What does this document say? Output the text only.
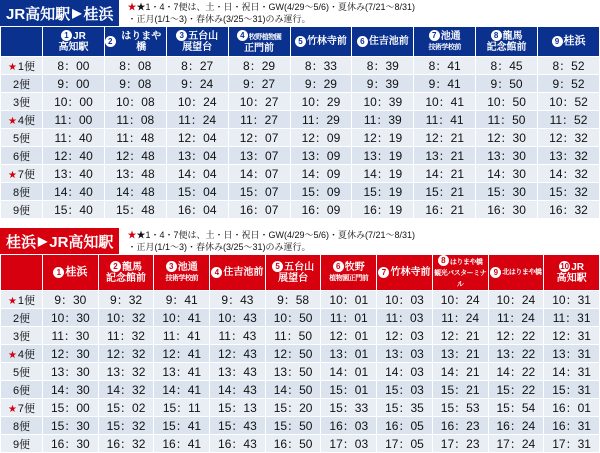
JR高知駅 ▶ 桂浜 ★★1・4・7便は、土・日・祝日・GW(4/29～5/6)・夏休み(7/21～8/31)
・正月(1/1～3)・春休み(3/25～31)のみ運行。

	1 JR
高知駅	2 はりまや橋	3 五台山
展望台	4 牧野植物園
正門前	5 竹林寺前	6 住吉池前	7 池通
技術学校前	8 龍馬
記念館前	9 桂浜

★1便	8：00	8：08	8：27	8：29	8：33	8：39	8：41	8：45	8：52
2便	9：00	9：08	9：24	9：27	9：29	9：39	9：41	9：50	9：52
3便	10：00	10：08	10：24	10：27	10：29	10：39	10：41	10：50	10：52
★4便	11：00	11：08	11：24	11：27	11：29	11：39	11：41	11：50	11：52
5便	11：40	11：48	12：04	12：07	12：09	12：19	12：21	12：30	12：32
6便	12：40	12：48	13：04	13：07	13：09	13：19	13：21	13：30	13：32
★7便	13：40	13：48	14：04	14：07	14：09	14：19	14：21	14：30	14：32
8便	14：40	14：48	15：04	15：07	15：09	15：19	15：21	15：30	15：32
9便	15：40	15：48	16：04	16：07	16：09	16：19	16：21	16：30	16：32
桂浜 ▶ JR高知駅 ★★1・4・7便は、土・日・祝日・GW(4/29～5/6)・夏休み(7/21～8/31)
・正月(1/1～3)・春休み(3/25～31)のみ運行。

	1 桂浜	2 龍馬
記念館前	3 池通
技術学校前	4 住吉池前	5 五台山
展望台	6 牧野
植物園正門前	7 竹林寺前	8 はりまや橋
観光バスターミナル	9 北はりまや橋	10 JR
高知駅

★1便	9：30	9：32	9：41	9：43	9：58	10：01	10：03	10：24	10：24	10：31
2便	10：30	10：32	10：41	10：43	10：50	11：01	11：03	11：24	11：24	11：31
3便	11：30	11：32	11：41	11：43	11：50	12：01	12：03	12：21	12：22	12：31
★4便	12：30	12：32	12：41	12：43	12：50	13：01	13：03	13：21	13：22	13：31
5便	13：30	13：32	13：41	13：43	13：50	14：01	14：03	14：21	14：22	14：31
6便	14：30	14：32	14：41	14：43	14：50	15：01	15：03	15：21	15：22	15：31
★7便	15：00	15：02	15：11	15：13	15：20	15：33	15：35	15：53	15：54	16：01
8便	15：30	15：32	15：41	15：43	15：50	16：03	16：05	16：23	16：24	16：31
9便	16：30	16：32	16：41	16：43	16：50	17：03	17：05	17：23	17：24	17：31
